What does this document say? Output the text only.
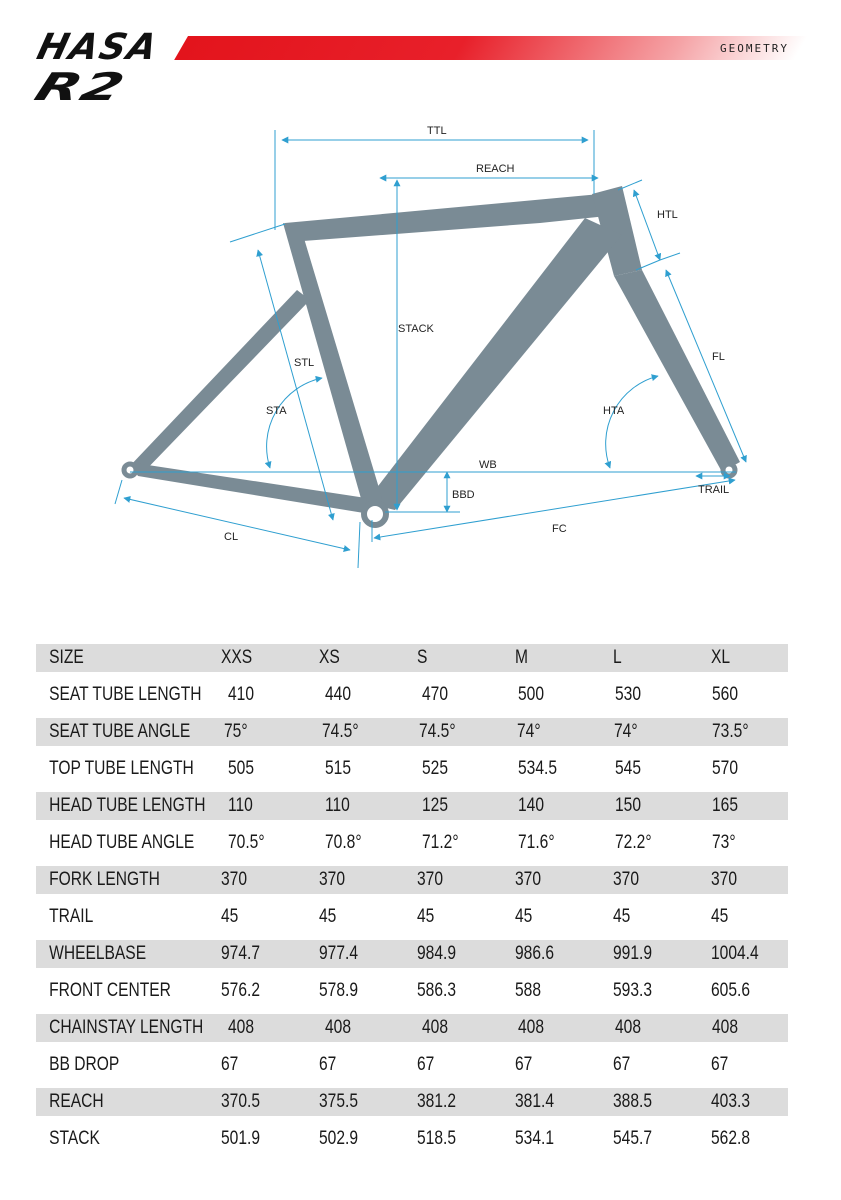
HASA
R2
GEOMETRY
TTL
REACH
HTL
STACK
STL
STA
FL
HTA
WB
TRAIL
BBD
CL
FC
SIZE	XXS	XS	S	M	L	XL
SEAT TUBE LENGTH 410	440	470	500	530	560
SEAT TUBE ANGLE 75°	74.5°	74.5°	74°	74°	73.5°
TOP TUBE LENGTH 505	515	525	534.5	545	570
HEAD TUBE LENGTH 110	110	125	140	150	165
HEAD TUBE ANGLE 70.5°	70.8°	71.2°	71.6°	72.2°	73°
FORK LENGTH	370	370	370	370	370	370
TRAIL	45	45	45	45	45	45
WHEELBASE	974.7	977.4	984.9	986.6	991.9	1004.4
FRONT CENTER	576.2	578.9	586.3	588	593.3	605.6
CHAINSTAY LENGTH 408	408	408	408	408	408
BB DROP	67	67	67	67	67	67
REACH	370.5	375.5	381.2	381.4	388.5	403.3
STACK	501.9	502.9	518.5	534.1	545.7	562.8
